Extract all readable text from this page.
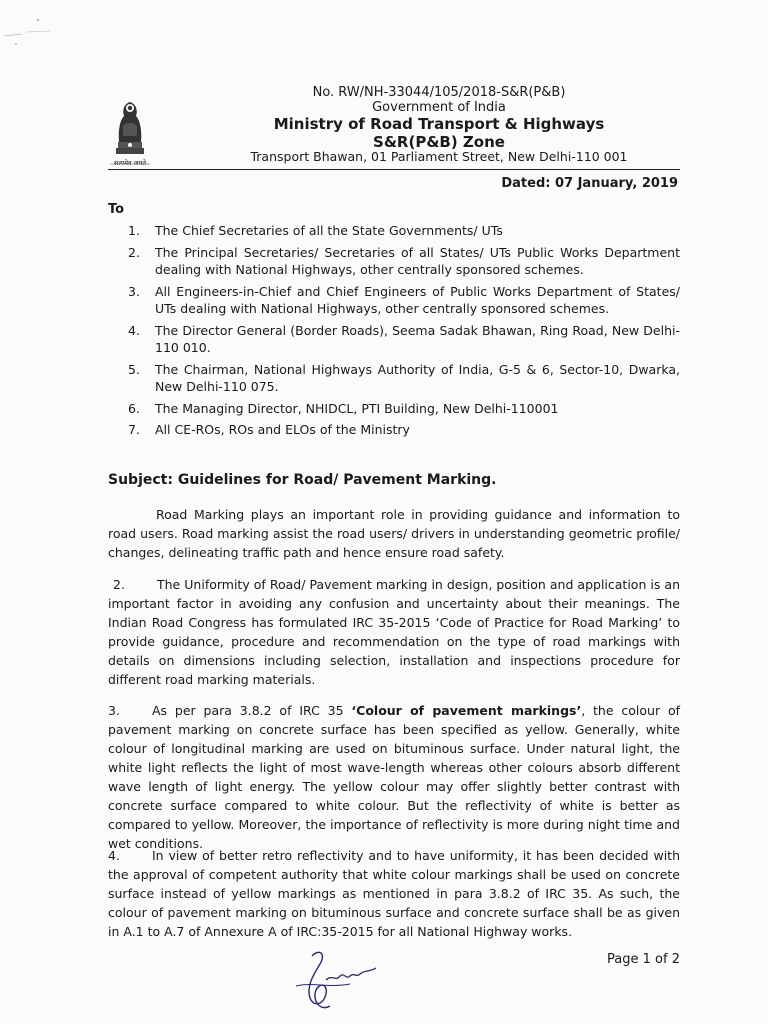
सत्यमेव जयते
No. RW/NH-33044/105/2018-S&R(P&B)
Government of India
Ministry of Road Transport & Highways
S&R(P&B) Zone
Transport Bhawan, 01 Parliament Street, New Delhi-110 001
Dated: 07 January, 2019
To
1.	The Chief Secretaries of all the State Governments/ UTs
2.	The Principal Secretaries/ Secretaries of all States/ UTs Public Works Department dealing with National Highways, other centrally sponsored schemes.
3.	All Engineers-in-Chief and Chief Engineers of Public Works Department of States/ UTs dealing with National Highways, other centrally sponsored schemes.
4.	The Director General (Border Roads), Seema Sadak Bhawan, Ring Road, New Delhi-110 010.
5.	The Chairman, National Highways Authority of India, G-5 & 6, Sector-10, Dwarka, New Delhi-110 075.
6.	The Managing Director, NHIDCL, PTI Building, New Delhi-110001
7.	All CE-ROs, ROs and ELOs of the Ministry
Subject: Guidelines for Road/ Pavement Marking.

Road Marking plays an important role in providing guidance and information to road users. Road marking assist the road users/ drivers in understanding geometric profile/ changes, delineating traffic path and hence ensure road safety.

2.	The Uniformity of Road/ Pavement marking in design, position and application is an important factor in avoiding any confusion and uncertainty about their meanings. The Indian Road Congress has formulated IRC 35-2015 ‘Code of Practice for Road Marking’ to provide guidance, procedure and recommendation on the type of road markings with details on dimensions including selection, installation and inspections procedure for different road marking materials.

3.	As per para 3.8.2 of IRC 35 ‘Colour of pavement markings’, the colour of pavement marking on concrete surface has been specified as yellow. Generally, white colour of longitudinal marking are used on bituminous surface. Under natural light, the white light reflects the light of most wave-length whereas other colours absorb different wave length of light energy. The yellow colour may offer slightly better contrast with concrete surface compared to white colour. But the reflectivity of white is better as compared to yellow. Moreover, the importance of reflectivity is more during night time and wet conditions.

4.	In view of better retro reflectivity and to have uniformity, it has been decided with the approval of competent authority that white colour markings shall be used on concrete surface instead of yellow markings as mentioned in para 3.8.2 of IRC 35. As such, the colour of pavement marking on bituminous surface and concrete surface shall be as given in A.1 to A.7 of Annexure A of IRC:35-2015 for all National Highway works.

Page 1 of 2
